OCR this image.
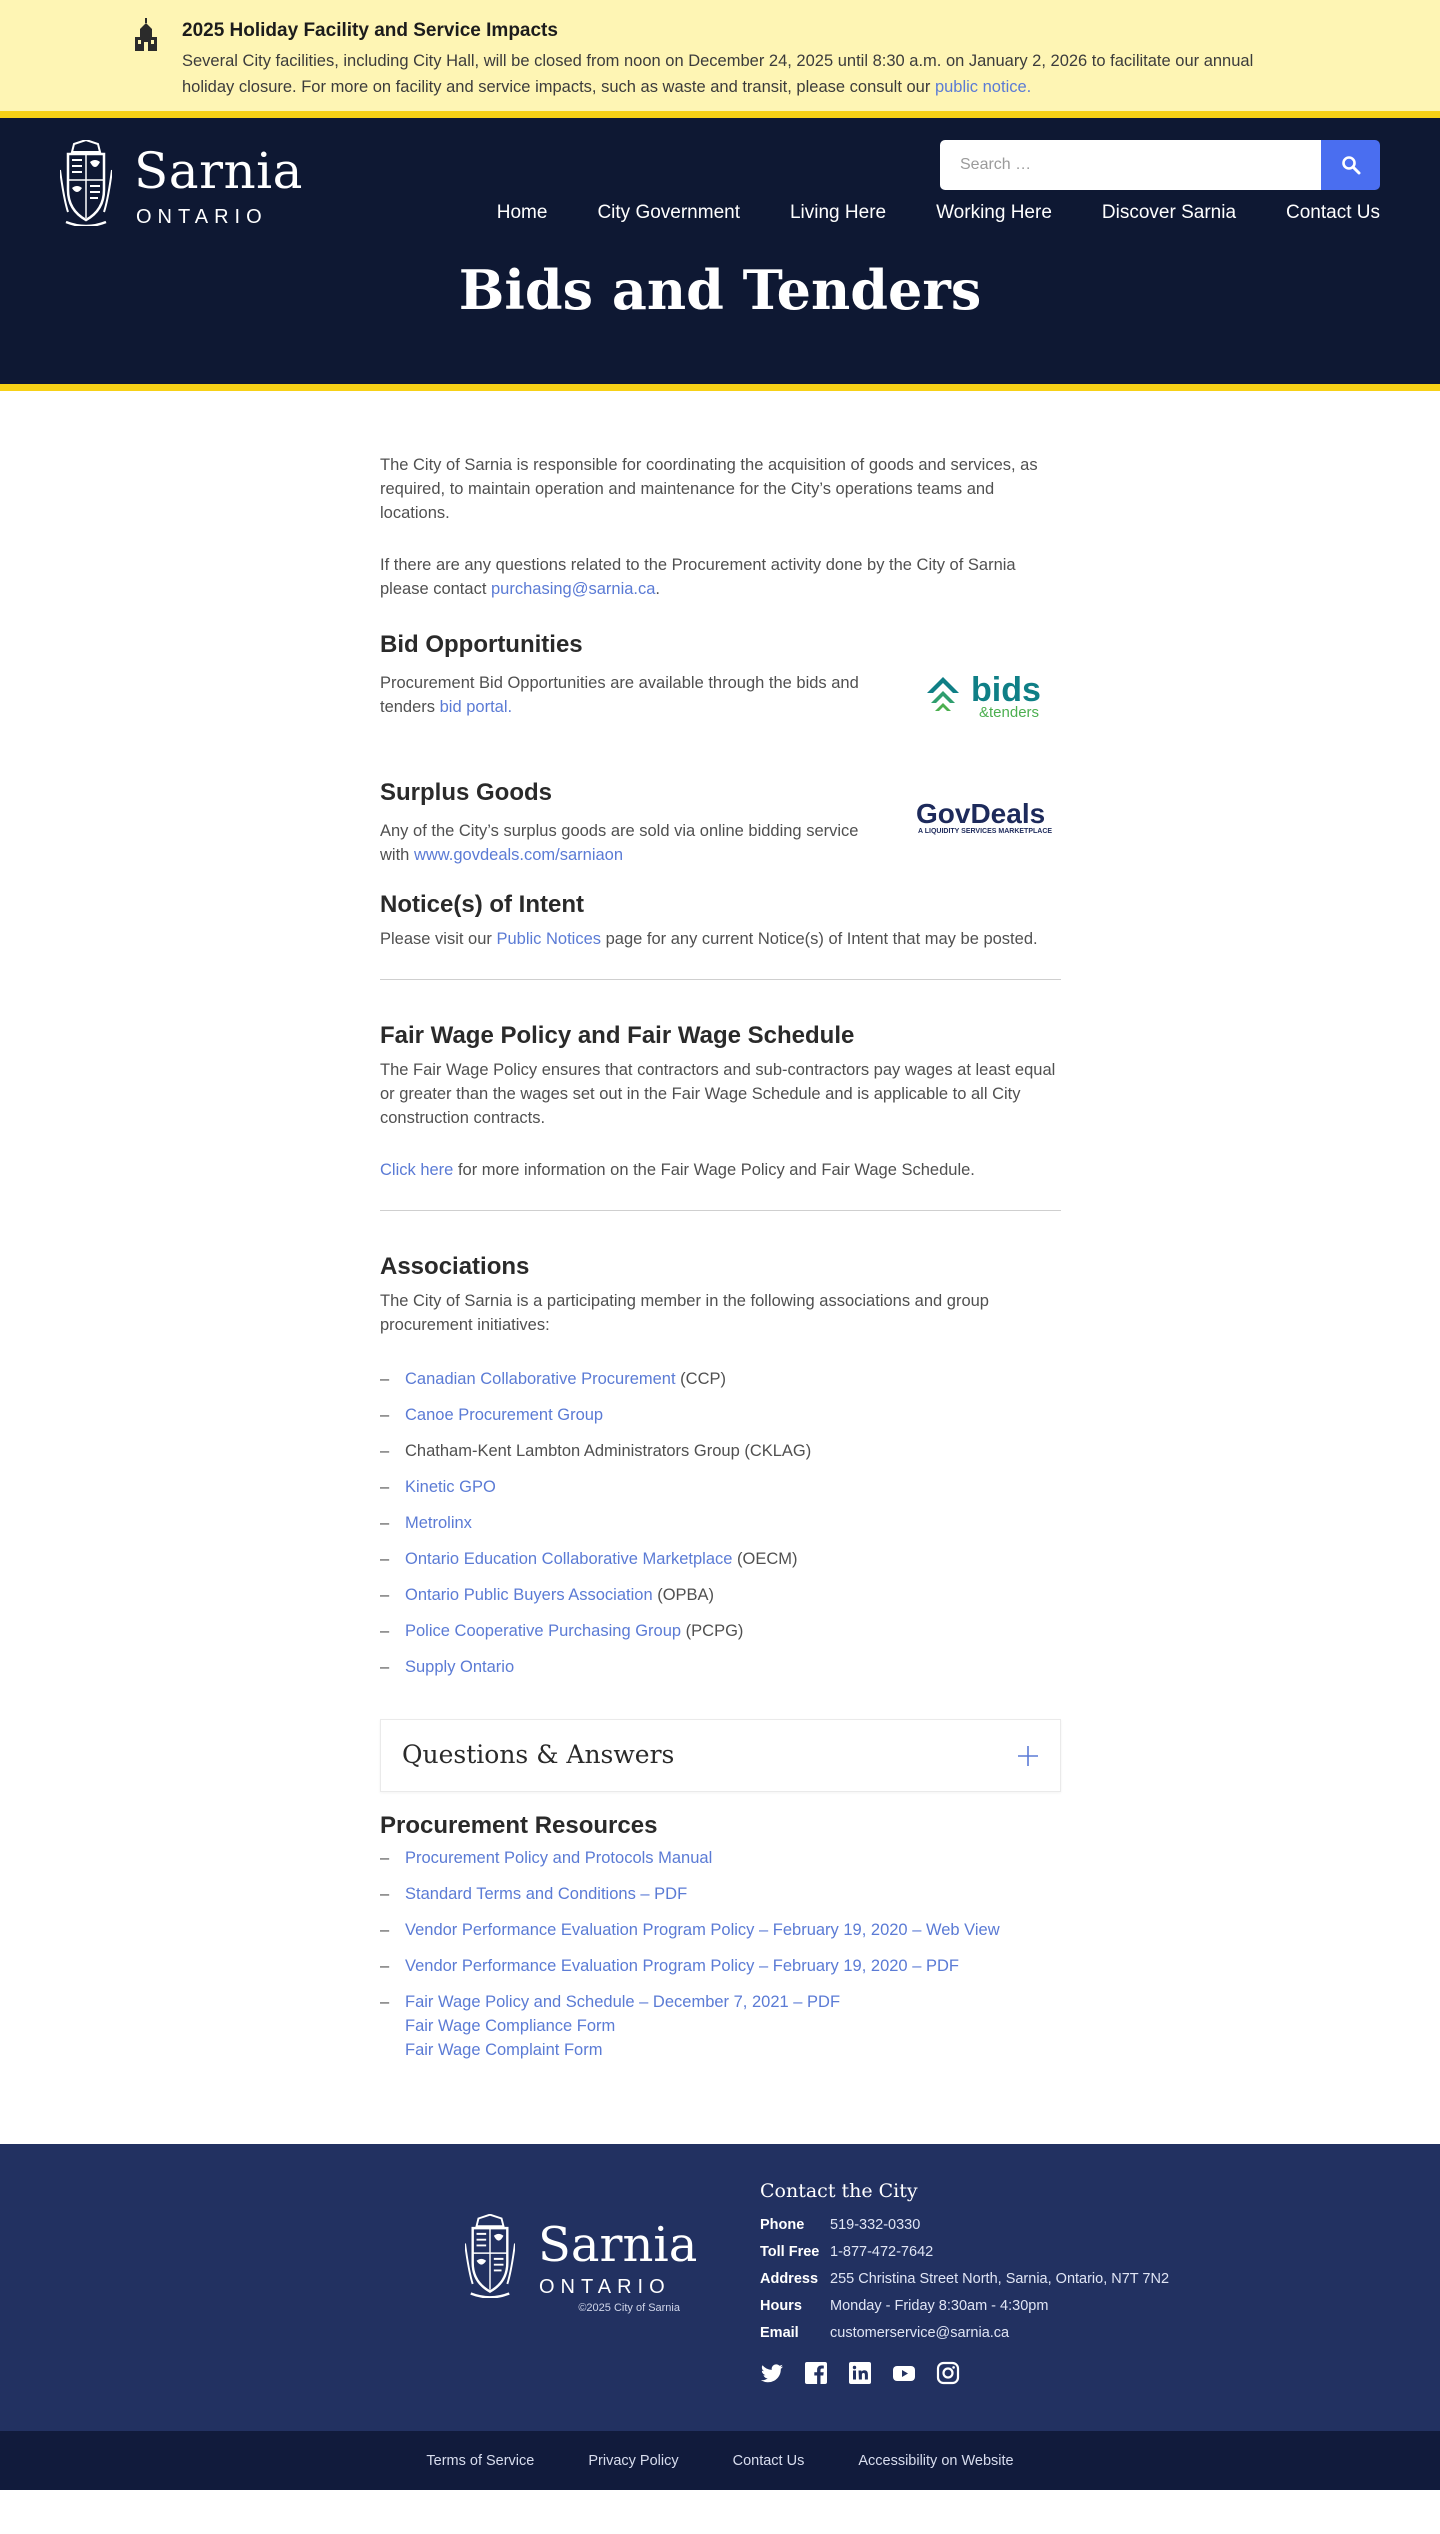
2025 Holiday Facility and Service Impacts
Several City facilities, including City Hall, will be closed from noon on December 24, 2025 until 8:30 a.m. on January 2, 2026 to facilitate our annual holiday closure. For more on facility and service impacts, such as waste and transit, please consult our public notice.
Sarnia
ONTARIO
Search …	Home	City Government	Living Here	Working Here	Discover Sarnia	Contact Us
Bids and Tenders

The City of Sarnia is responsible for coordinating the acquisition of goods and services, as required, to maintain operation and maintenance for the City’s operations teams and locations.

If there are any questions related to the Procurement activity done by the City of Sarnia please contact purchasing@sarnia.ca.

Bid Opportunities

Procurement Bid Opportunities are available through the bids and tenders bid portal.	bids
&tenders
Surplus Goods

Any of the City’s surplus goods are sold via online bidding service with www.govdeals.com/sarniaon

GovDeals
A LIQUIDITY SERVICES MARKETPLACE
Notice(s) of Intent

Please visit our Public Notices page for any current Notice(s) of Intent that may be posted.

Fair Wage Policy and Fair Wage Schedule

The Fair Wage Policy ensures that contractors and sub-contractors pay wages at least equal or greater than the wages set out in the Fair Wage Schedule and is applicable to all City construction contracts.

Click here for more information on the Fair Wage Policy and Fair Wage Schedule.

Associations

The City of Sarnia is a participating member in the following associations and group procurement initiatives:

– Canadian Collaborative Procurement (CCP)
– Canoe Procurement Group
– Chatham-Kent Lambton Administrators Group (CKLAG)
– Kinetic GPO
– Metrolinx
– Ontario Education Collaborative Marketplace (OECM)
– Ontario Public Buyers Association (OPBA)
– Police Cooperative Purchasing Group (PCPG)
– Supply Ontario
Questions & Answers
Procurement Resources
– Procurement Policy and Protocols Manual
– Standard Terms and Conditions – PDF
– Vendor Performance Evaluation Program Policy – February 19, 2020 – Web View
– Vendor Performance Evaluation Program Policy – February 19, 2020 – PDF
– Fair Wage Policy and Schedule – December 7, 2021 – PDF
Fair Wage Compliance Form
Fair Wage Complaint Form
Sarnia
ONTARIO
©2025 City of Sarnia
Contact the City
Phone	519-332-0330
Toll Free 1-877-472-7642
Address 255 Christina Street North, Sarnia, Ontario, N7T 7N2
Hours	Monday - Friday 8:30am - 4:30pm
Email	customerservice@sarnia.ca
Terms of Service	Privacy Policy	Contact Us	Accessibility on Website
